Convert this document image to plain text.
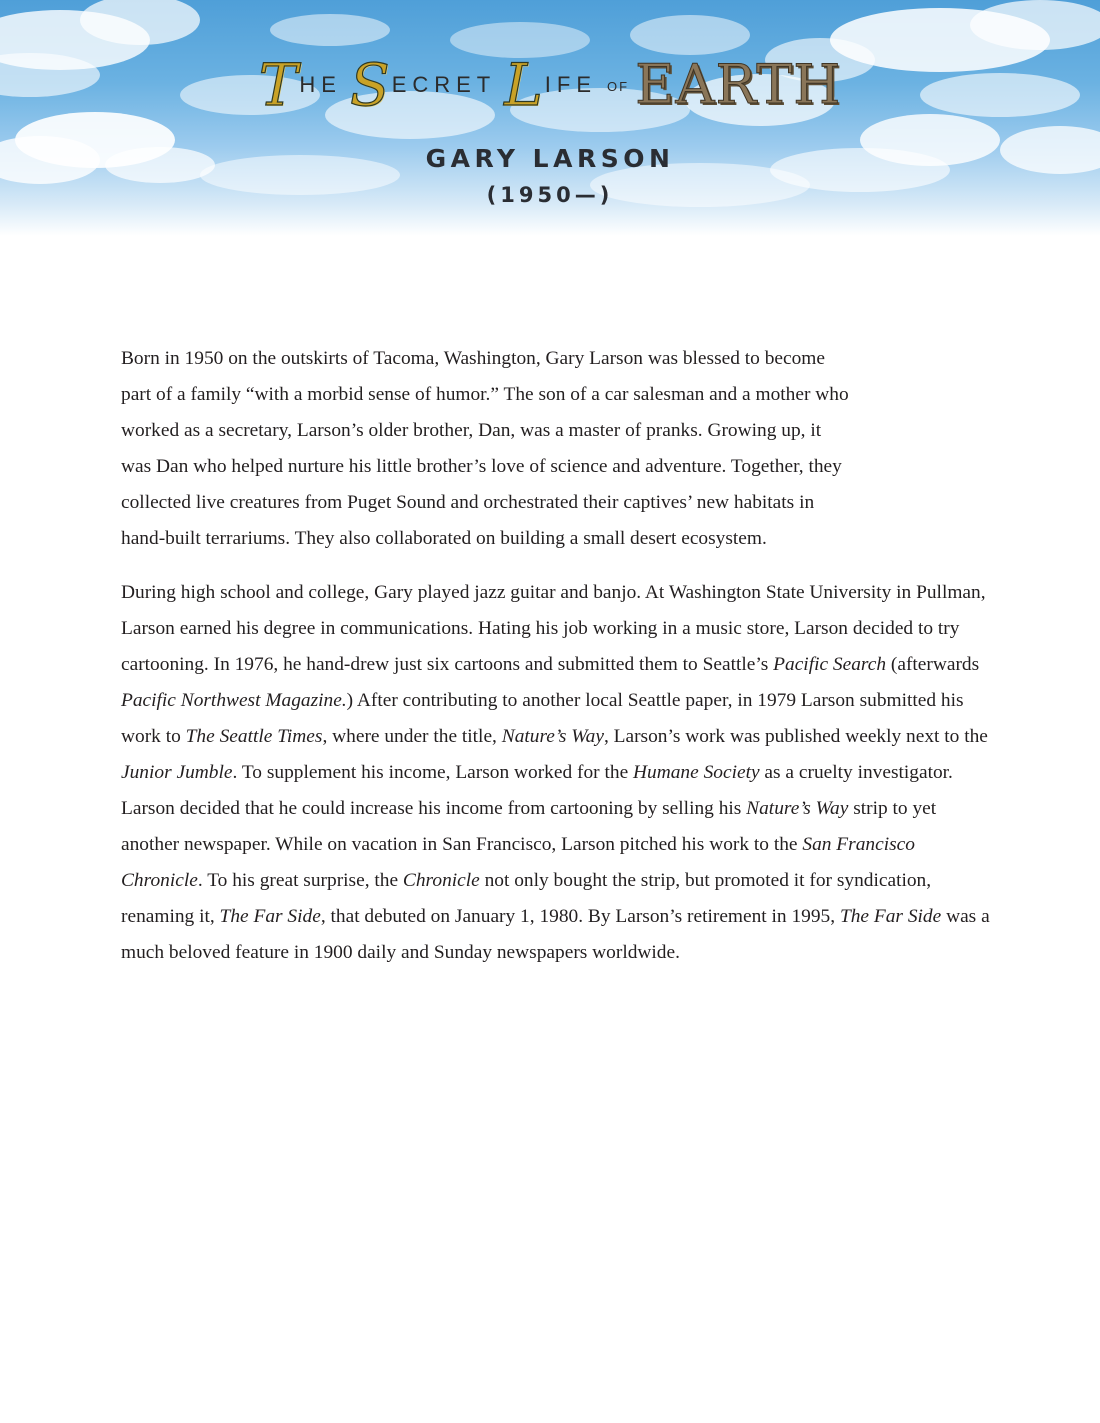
T HE S ECRET L IFE OF EARTH
GARY LARSON
(1950—)

Born in 1950 on the outskirts of Tacoma, Washington, Gary Larson was blessed to become
part of a family “with a morbid sense of humor.” The son of a car salesman and a mother who
worked as a secretary, Larson’s older brother, Dan, was a master of pranks. Growing up, it
was Dan who helped nurture his little brother’s love of science and adventure. Together, they
collected live creatures from Puget Sound and orchestrated their captives’ new habitats in
hand-built terrariums. They also collaborated on building a small desert ecosystem.

During high school and college, Gary played jazz guitar and banjo. At Washington State University in Pullman, Larson earned his degree in communications. Hating his job working in a music store, Larson decided to try cartooning. In 1976, he hand-drew just six cartoons and submitted them to Seattle’s Pacific Search (afterwards Pacific Northwest Magazine.) After contributing to another local Seattle paper, in 1979 Larson submitted his work to The Seattle Times, where under the title, Nature’s Way, Larson’s work was published weekly next to the Junior Jumble. To supplement his income, Larson worked for the Humane Society as a cruelty investigator. Larson decided that he could increase his income from cartooning by selling his Nature’s Way strip to yet another newspaper. While on vacation in San Francisco, Larson pitched his work to the San Francisco Chronicle. To his great surprise, the Chronicle not only bought the strip, but promoted it for syndication, renaming it, The Far Side, that debuted on January 1, 1980. By Larson’s retirement in 1995, The Far Side was a much beloved feature in 1900 daily and Sunday newspapers worldwide.
